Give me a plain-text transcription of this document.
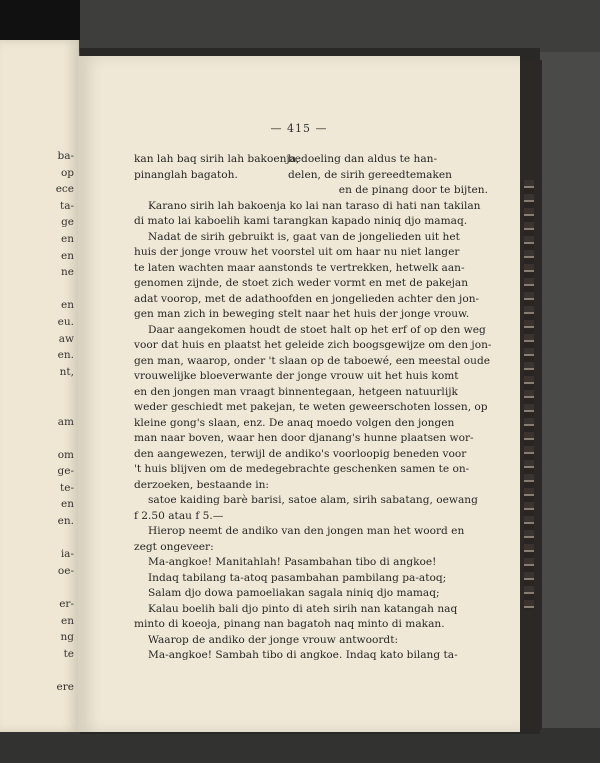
ba-
op
ece
ta-
ge
en
en
ne
en
eu.
aw
en.
nt,
am
om
ge-
te-
en
en.
ia-
oe-
er-
en
ng
te
ere
— 415 —
kan lah baq sirih lah bakoenja,
pinanglah bagatoh.
bedoeling dan aldus te han-
delen, de sirih gereedtemaken
en de pinang door te bijten.
Karano sirih lah bakoenja ko lai nan taraso di hati nan takilan
di mato lai kaboelih kami tarangkan kapado niniq djo mamaq.
Nadat de sirih gebruikt is, gaat van de jongelieden uit het
huis der jonge vrouw het voorstel uit om haar nu niet langer
te laten wachten maar aanstonds te vertrekken, hetwelk aan-
genomen zijnde, de stoet zich weder vormt en met de pakejan
adat voorop, met de adathoofden en jongelieden achter den jon-
gen man zich in beweging stelt naar het huis der jonge vrouw.
Daar aangekomen houdt de stoet halt op het erf of op den weg
voor dat huis en plaatst het geleide zich boogsgewijze om den jon-
gen man, waarop, onder 't slaan op de taboewé, een meestal oude
vrouwelijke bloeverwante der jonge vrouw uit het huis komt
en den jongen man vraagt binnentegaan, hetgeen natuurlijk
weder geschiedt met pakejan, te weten geweerschoten lossen, op
kleine gong's slaan, enz. De anaq moedo volgen den jongen
man naar boven, waar hen door djanang's hunne plaatsen wor-
den aangewezen, terwijl de andiko's voorloopig beneden voor
't huis blijven om de medegebrachte geschenken samen te on-
derzoeken, bestaande in:
satoe kaiding barè barisi, satoe alam, sirih sabatang, oewang
f 2.50 atau f 5.—
Hierop neemt de andiko van den jongen man het woord en
zegt ongeveer:
Ma-angkoe! Manitahlah! Pasambahan tibo di angkoe!
Indaq tabilang ta-atoq pasambahan pambilang pa-atoq;
Salam djo dowa pamoeliakan sagala niniq djo mamaq;
Kalau boelih bali djo pinto di ateh sirih nan katangah naq
minto di koeoja, pinang nan bagatoh naq minto di makan.
Waarop de andiko der jonge vrouw antwoordt:
Ma-angkoe! Sambah tibo di angkoe. Indaq kato bilang ta-
